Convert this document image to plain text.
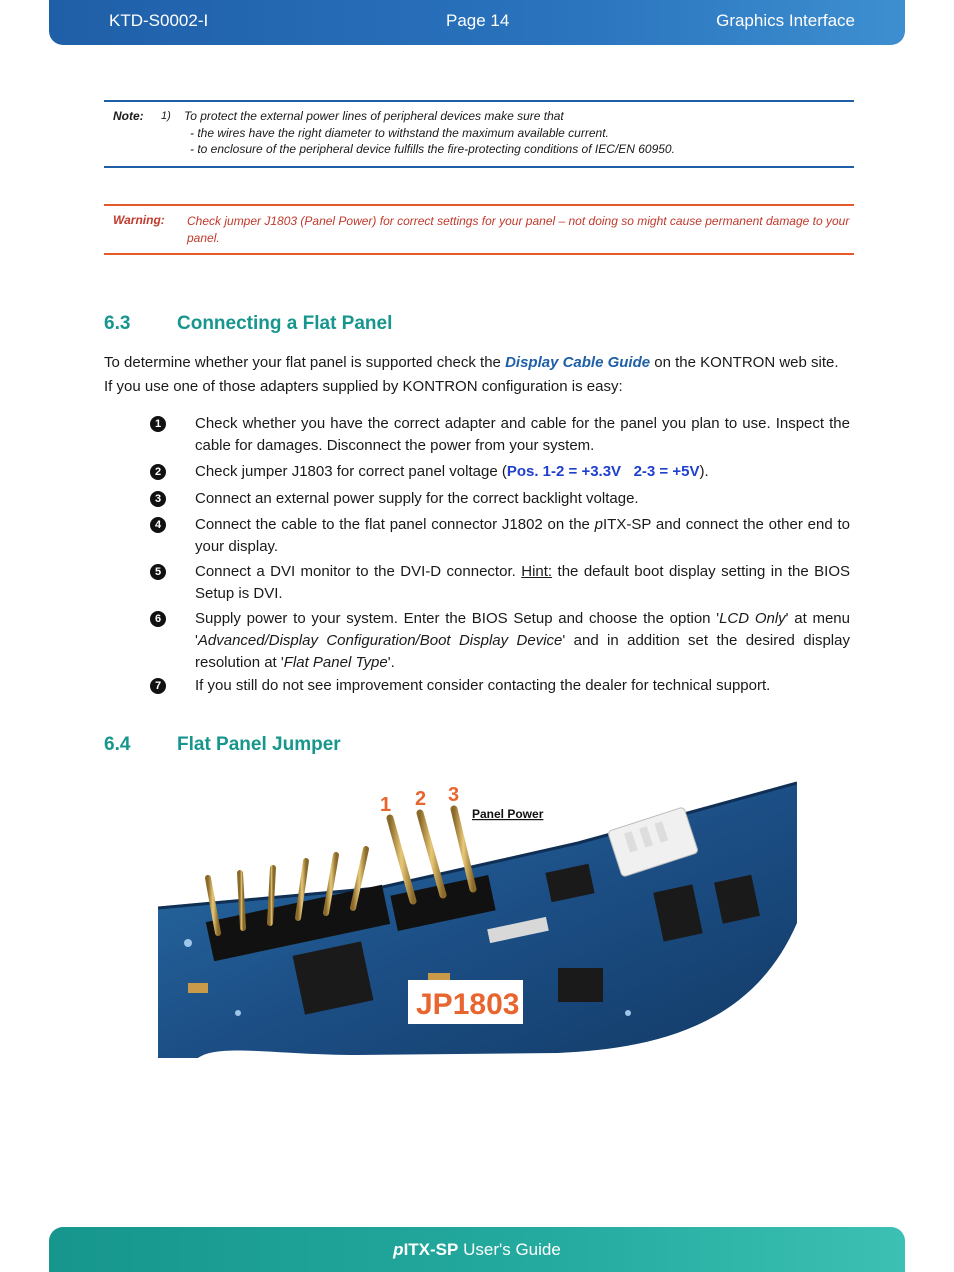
KTD-S0002-I	Page 14	Graphics Interface
Note: 1) To protect the external power lines of peripheral devices make sure that
- the wires have the right diameter to withstand the maximum available current.
- to enclosure of the peripheral device fulfills the fire-protecting conditions of IEC/EN 60950.
Warning: Check jumper J1803 (Panel Power) for correct settings for your panel – not doing so might cause permanent damage to your panel.
6.3 Connecting a Flat Panel
To determine whether your flat panel is supported check the Display Cable Guide on the KONTRON web site.
If you use one of those adapters supplied by KONTRON configuration is easy:
1	Check whether you have the correct adapter and cable for the panel you plan to use. Inspect the cable for damages. Disconnect the power from your system.
2	Check jumper J1803 for correct panel voltage (Pos. 1-2 = +3.3V   2-3 = +5V).
3	Connect an external power supply for the correct backlight voltage.
4	Connect the cable to the flat panel connector J1802 on the pITX-SP and connect the other end to your display.
5	Connect a DVI monitor to the DVI-D connector. Hint: the default boot display setting in the BIOS Setup is DVI.
6	Supply power to your system. Enter the BIOS Setup and choose the option 'LCD Only' at menu 'Advanced/Display Configuration/Boot Display Device' and in addition set the desired display resolution at 'Flat Panel Type'.
7	If you still do not see improvement consider contacting the dealer for technical support.
6.4 Flat Panel Jumper
1 2 3
Panel Power
JP1803
pITX-SP User's Guide
